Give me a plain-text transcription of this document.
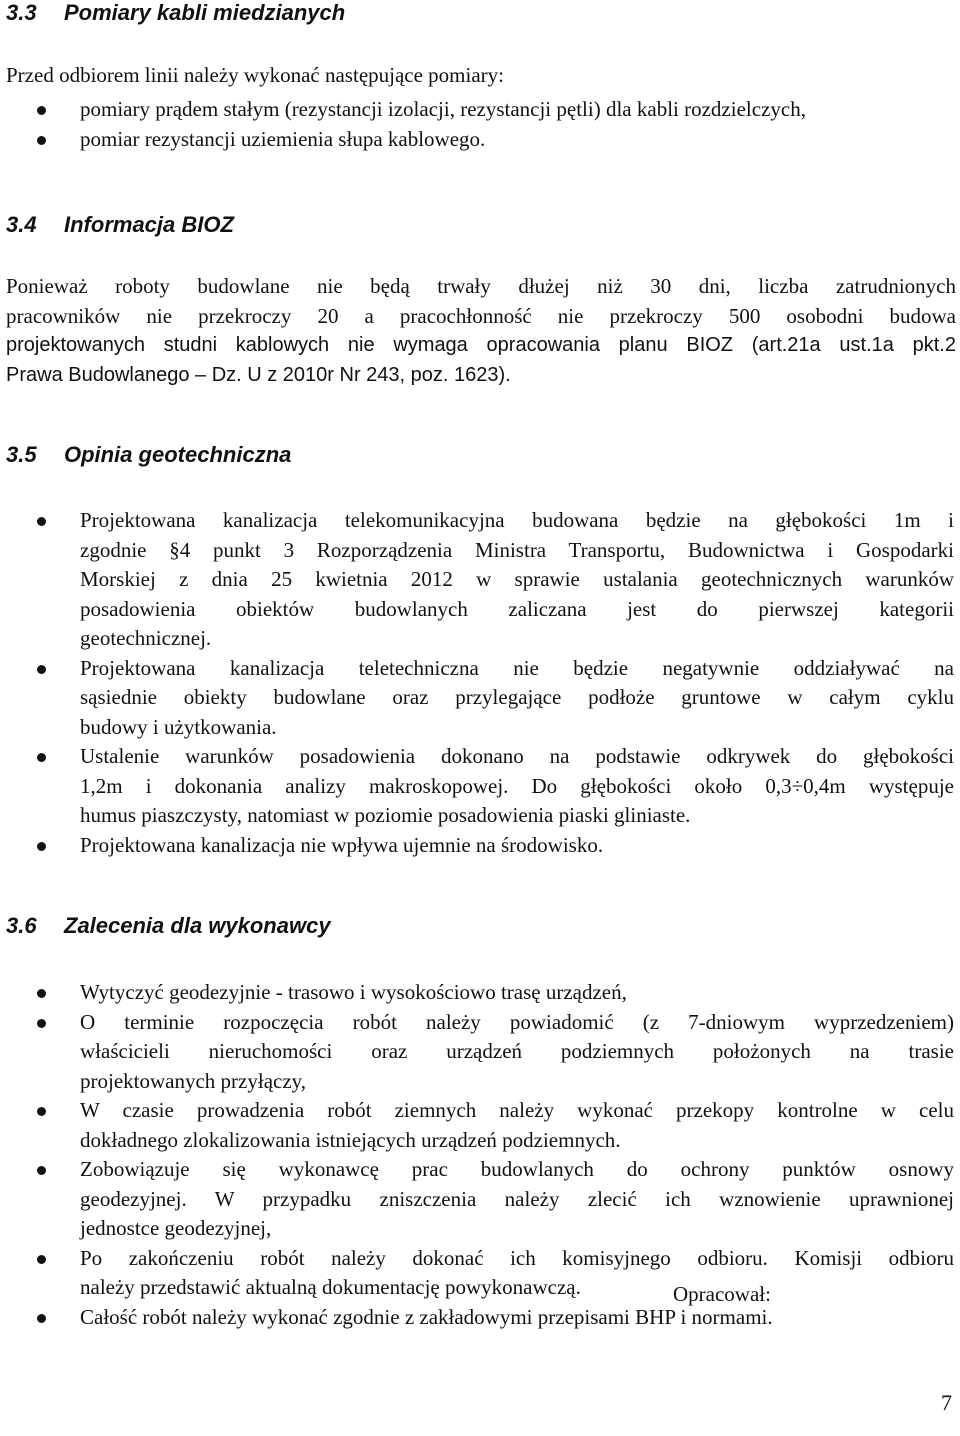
3.3 Pomiary kabli miedzianych

Przed odbiorem linii należy wykonać następujące pomiary:

pomiary prądem stałym (rezystancji izolacji, rezystancji pętli) dla kabli rozdzielczych,
pomiar rezystancji uziemienia słupa kablowego.
3.4 Informacja BIOZ

Ponieważ roboty budowlane nie będą trwały dłużej niż 30 dni, liczba zatrudnionych
pracowników nie przekroczy 20 a pracochłonność nie przekroczy 500 osobodni budowa
projektowanych studni kablowych nie wymaga opracowania planu BIOZ (art.21a ust.1a pkt.2
Prawa Budowlanego – Dz. U z 2010r Nr 243, poz. 1623).

3.5 Opinia geotechniczna
Projektowana kanalizacja telekomunikacyjna budowana będzie na głębokości 1m i
zgodnie §4 punkt 3 Rozporządzenia Ministra Transportu, Budownictwa i Gospodarki
Morskiej z dnia 25 kwietnia 2012 w sprawie ustalania geotechnicznych warunków
posadowienia obiektów budowlanych zaliczana jest do pierwszej kategorii
geotechnicznej.
Projektowana kanalizacja teletechniczna nie będzie negatywnie oddziaływać na
sąsiednie obiekty budowlane oraz przylegające podłoże gruntowe w całym cyklu
budowy i użytkowania.
Ustalenie warunków posadowienia dokonano na podstawie odkrywek do głębokości
1,2m i dokonania analizy makroskopowej. Do głębokości około 0,3÷0,4m występuje
humus piaszczysty, natomiast w poziomie posadowienia piaski gliniaste.
Projektowana kanalizacja nie wpływa ujemnie na środowisko.
3.6 Zalecenia dla wykonawcy
Wytyczyć geodezyjnie - trasowo i wysokościowo trasę urządzeń,
O terminie rozpoczęcia robót należy powiadomić (z 7-dniowym wyprzedzeniem)
właścicieli nieruchomości oraz urządzeń podziemnych położonych na trasie
projektowanych przyłączy,
W czasie prowadzenia robót ziemnych należy wykonać przekopy kontrolne w celu
dokładnego zlokalizowania istniejących urządzeń podziemnych.
Zobowiązuje się wykonawcę prac budowlanych do ochrony punktów osnowy
geodezyjnej. W przypadku zniszczenia należy zlecić ich wznowienie uprawnionej
jednostce geodezyjnej,
Po zakończeniu robót należy dokonać ich komisyjnego odbioru. Komisji odbioru
należy przedstawić aktualną dokumentację powykonawczą.
Całość robót należy wykonać zgodnie z zakładowymi przepisami BHP i normami.
Opracował:
7
